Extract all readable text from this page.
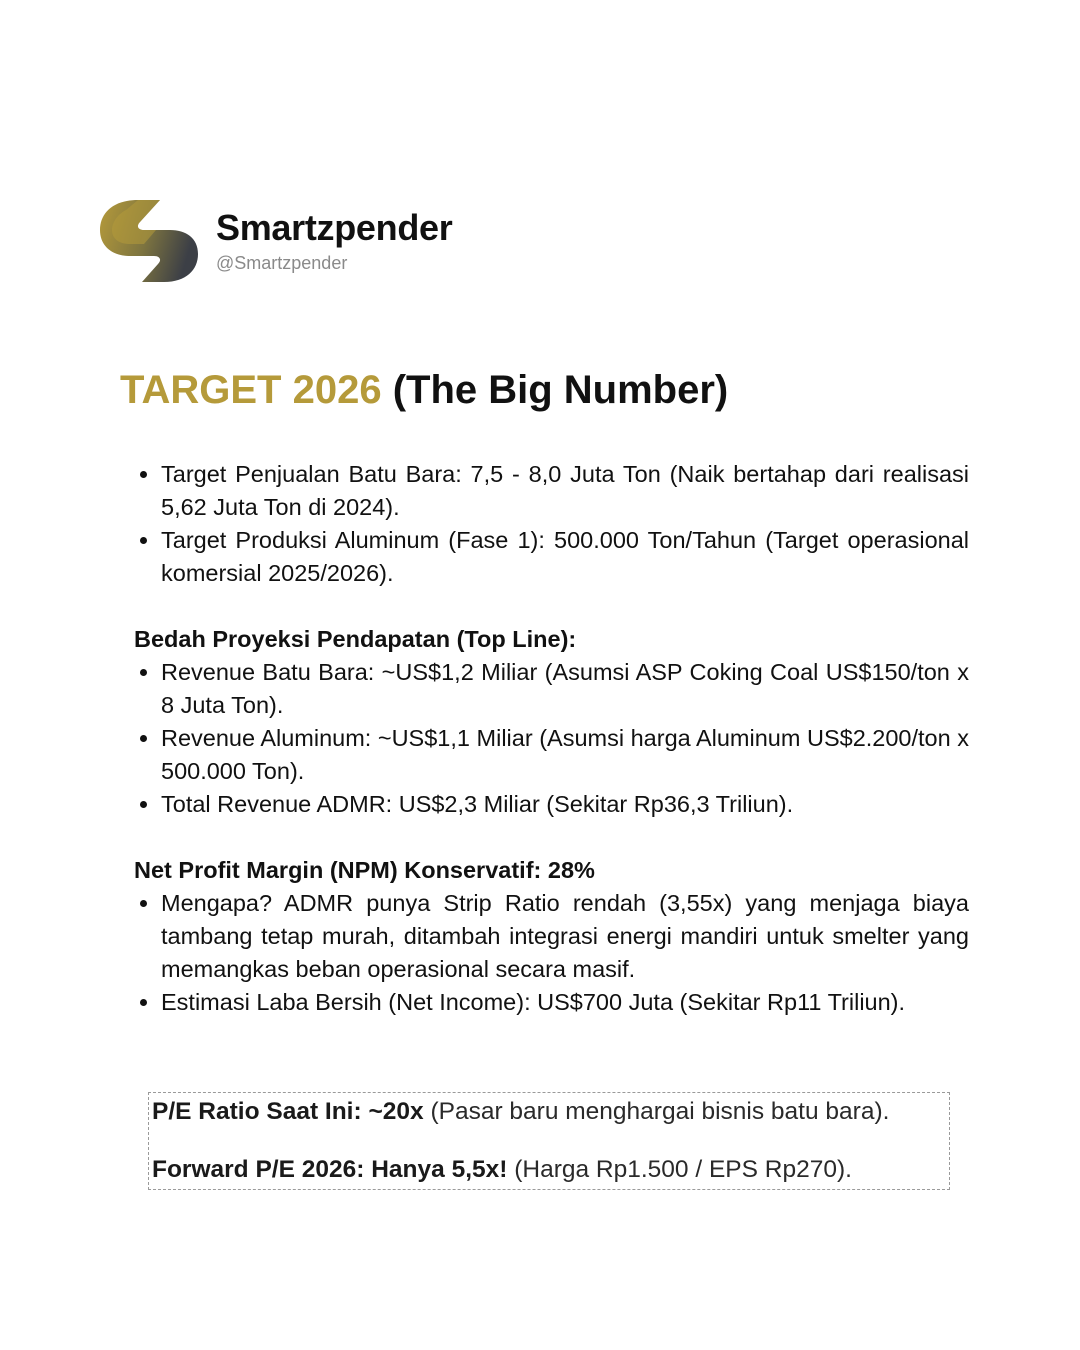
Smartzpender
@Smartzpender
TARGET 2026 (The Big Number)
• Target Penjualan Batu Bara: 7,5 - 8,0 Juta Ton (Naik bertahap dari realisasi 5,62 Juta Ton di 2024).
• Target Produksi Aluminum (Fase 1): 500.000 Ton/Tahun (Target operasional komersial 2025/2026).
Bedah Proyeksi Pendapatan (Top Line):
• Revenue Batu Bara: ~US$1,2 Miliar (Asumsi ASP Coking Coal US$150/ton x 8 Juta Ton).
• Revenue Aluminum: ~US$1,1 Miliar (Asumsi harga Aluminum US$2.200/ton x 500.000 Ton).
• Total Revenue ADMR: US$2,3 Miliar (Sekitar Rp36,3 Triliun).
Net Profit Margin (NPM) Konservatif: 28%
• Mengapa? ADMR punya Strip Ratio rendah (3,55x) yang menjaga biaya tambang tetap murah, ditambah integrasi energi mandiri untuk smelter yang memangkas beban operasional secara masif.
• Estimasi Laba Bersih (Net Income): US$700 Juta (Sekitar Rp11 Triliun).
P/E Ratio Saat Ini: ~20x (Pasar baru menghargai bisnis batu bara).
Forward P/E 2026: Hanya 5,5x! (Harga Rp1.500 / EPS Rp270).
